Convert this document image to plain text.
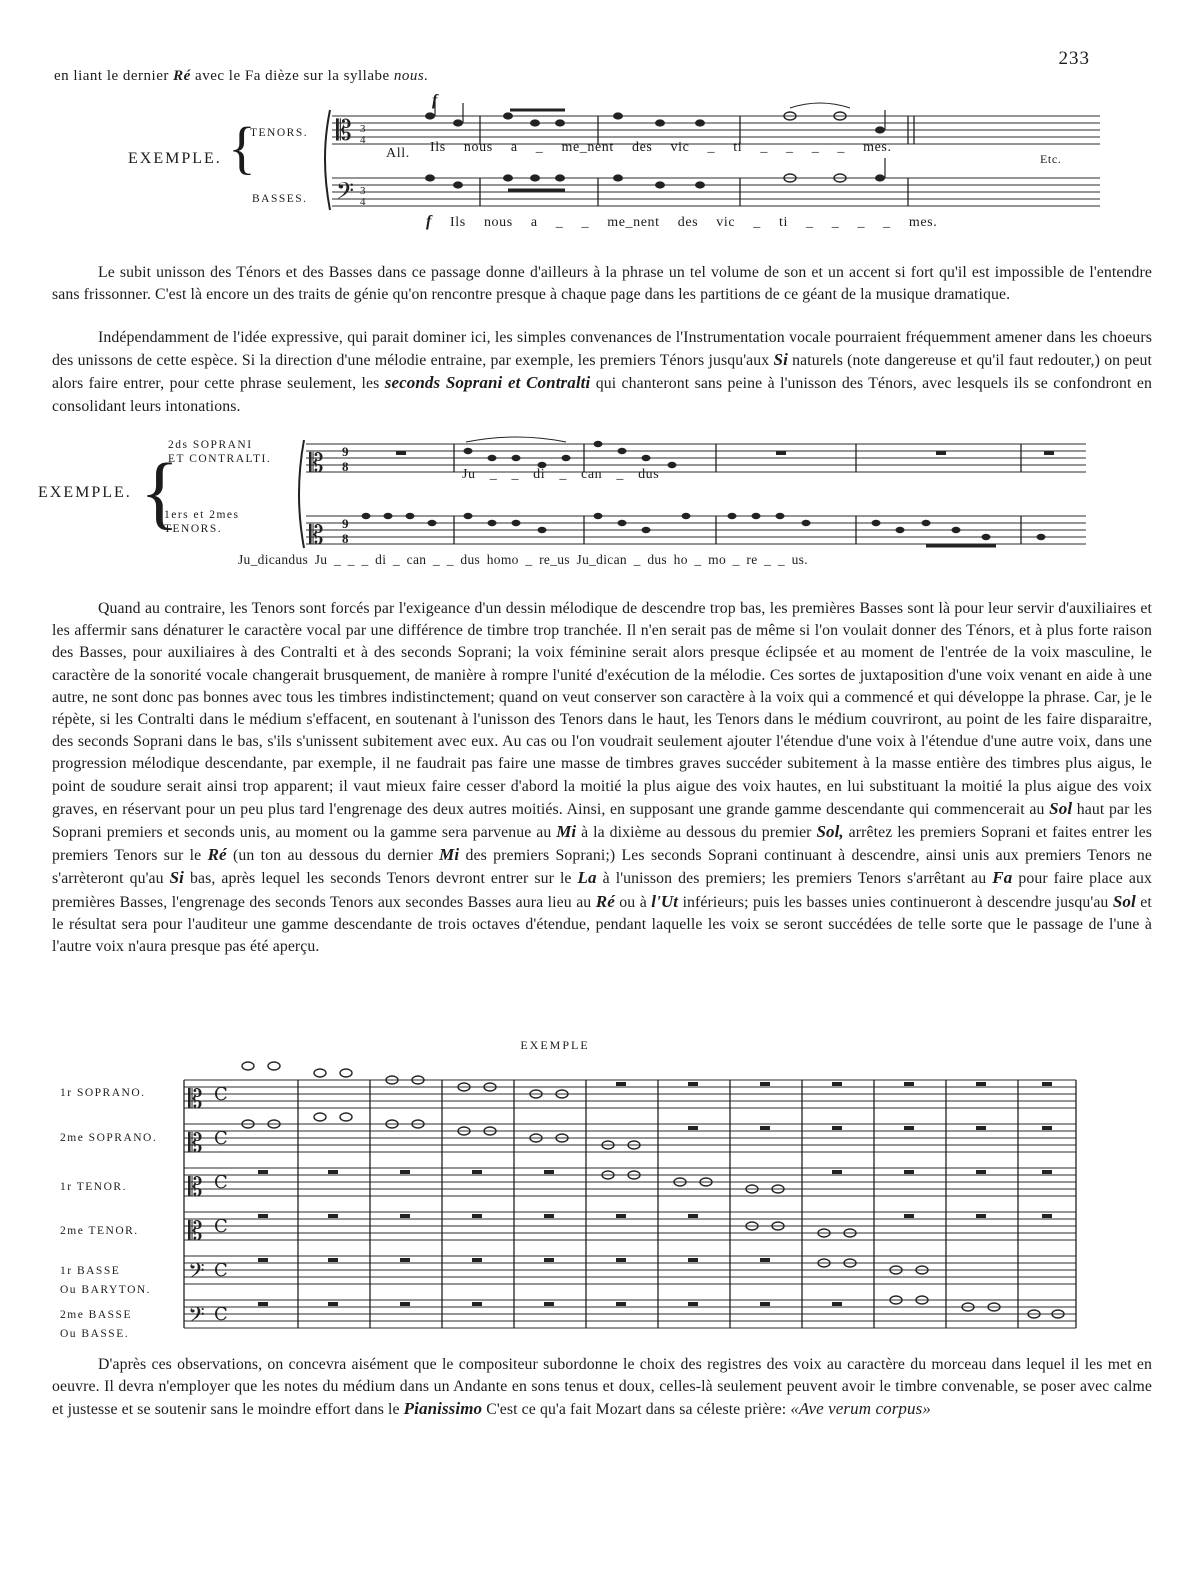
233
en liant le dernier Ré avec le Fa dièze sur la syllabe nous.
EXEMPLE. {
TENORS.
BASSES.
𝄡
𝄢
3
4
3
4
f
All. Ils nous a _ me_nent des vic _ ti _ _ _ _ mes.
Etc.
f Ils nous a _ _ me_nent des vic _ ti _ _ _ _ mes.

Le subit unisson des Ténors et des Basses dans ce passage donne d'ailleurs à la phrase un tel volume de son et un accent si fort qu'il est impossible de l'entendre sans frissonner. C'est là encore un des traits de génie qu'on rencontre presque à chaque page dans les partitions de ce géant de la musique dramatique.

Indépendamment de l'idée expressive, qui parait dominer ici, les simples convenances de l'Instrumentation vocale pourraient fréquemment amener dans les choeurs des unissons de cette espèce. Si la direction d'une mélodie entraine, par exemple, les premiers Ténors jusqu'aux Si naturels (note dangereuse et qu'il faut redouter,) on peut alors faire entrer, pour cette phrase seulement, les seconds Soprani et Contralti qui chanteront sans peine à l'unisson des Ténors, avec lesquels ils se confondront en consolidant leurs intonations.

EXEMPLE. {
2ds SOPRANI
ET CONTRALTI.
1ers et 2mes
TENORS.
𝄡
𝄡
9
8
9
8
Ju _ _ di _ can _ dus
Ju_dicandus Ju _ _ _ di _ can _ _ dus homo _ re_us Ju_dican _ dus ho _ mo _ re _ _ us.

Quand au contraire, les Tenors sont forcés par l'exigeance d'un dessin mélodique de descendre trop bas, les premières Basses sont là pour leur servir d'auxiliaires et les affermir sans dénaturer le caractère vocal par une différence de timbre trop tranchée. Il n'en serait pas de même si l'on voulait donner des Ténors, et à plus forte raison des Basses, pour auxiliaires à des Contralti et à des seconds Soprani; la voix féminine serait alors presque éclipsée et au moment de l'entrée de la voix masculine, le caractère de la sonorité vocale changerait brusquement, de manière à rompre l'unité d'exécution de la mélodie. Ces sortes de juxtaposition d'une voix venant en aide à une autre, ne sont donc pas bonnes avec tous les timbres indistinctement; quand on veut conserver son caractère à la voix qui a commencé et qui développe la phrase. Car, je le répète, si les Contralti dans le médium s'effacent, en soutenant à l'unisson des Tenors dans le haut, les Tenors dans le médium couvriront, au point de les faire disparaitre, des seconds Soprani dans le bas, s'ils s'unissent subitement avec eux. Au cas ou l'on voudrait seulement ajouter l'étendue d'une voix à l'étendue d'une autre voix, dans une progression mélodique descendante, par exemple, il ne faudrait pas faire une masse de timbres graves succéder subitement à la masse entière des timbres plus aigus, le point de soudure serait ainsi trop apparent; il vaut mieux faire cesser d'abord la moitié la plus aigue des voix hautes, en lui substituant la moitié la plus aigue des voix graves, en réservant pour un peu plus tard l'engrenage des deux autres moitiés. Ainsi, en supposant une grande gamme descendante qui commencerait au Sol haut par les Soprani premiers et seconds unis, au moment ou la gamme sera parvenue au Mi à la dixième au dessous du premier Sol, arrêtez les premiers Soprani et faites entrer les premiers Tenors sur le Ré (un ton au dessous du dernier Mi des premiers Soprani;) Les seconds Soprani continuant à descendre, ainsi unis aux premiers Tenors ne s'arrèteront qu'au Si bas, après lequel les seconds Tenors devront entrer sur le La à l'unisson des premiers; les premiers Tenors s'arrêtant au Fa pour faire place aux premières Basses, l'engrenage des seconds Tenors aux secondes Basses aura lieu au Ré ou à l'Ut inférieurs; puis les basses unies continueront à descendre jusqu'au Sol et le résultat sera pour l'auditeur une gamme descendante de trois octaves d'étendue, pendant laquelle les voix se seront succédées de telle sorte que le passage de l'une à l'autre voix n'aura presque pas été aperçu.

EXEMPLE
1r SOPRANO.
2me SOPRANO.
1r TENOR.
2me TENOR.
1r BASSE
Ou BARYTON.
2me BASSE
Ou BASSE.
𝄡
𝄡
𝄡
𝄡
𝄢
𝄢
C
C
C
C
C
C

D'après ces observations, on concevra aisément que le compositeur subordonne le choix des registres des voix au caractère du morceau dans lequel il les met en oeuvre. Il devra n'employer que les notes du médium dans un Andante en sons tenus et doux, celles-là seulement peuvent avoir le timbre convenable, se poser avec calme et justesse et se soutenir sans le moindre effort dans le Pianissimo C'est ce qu'a fait Mozart dans sa céleste prière: «Ave verum corpus»
